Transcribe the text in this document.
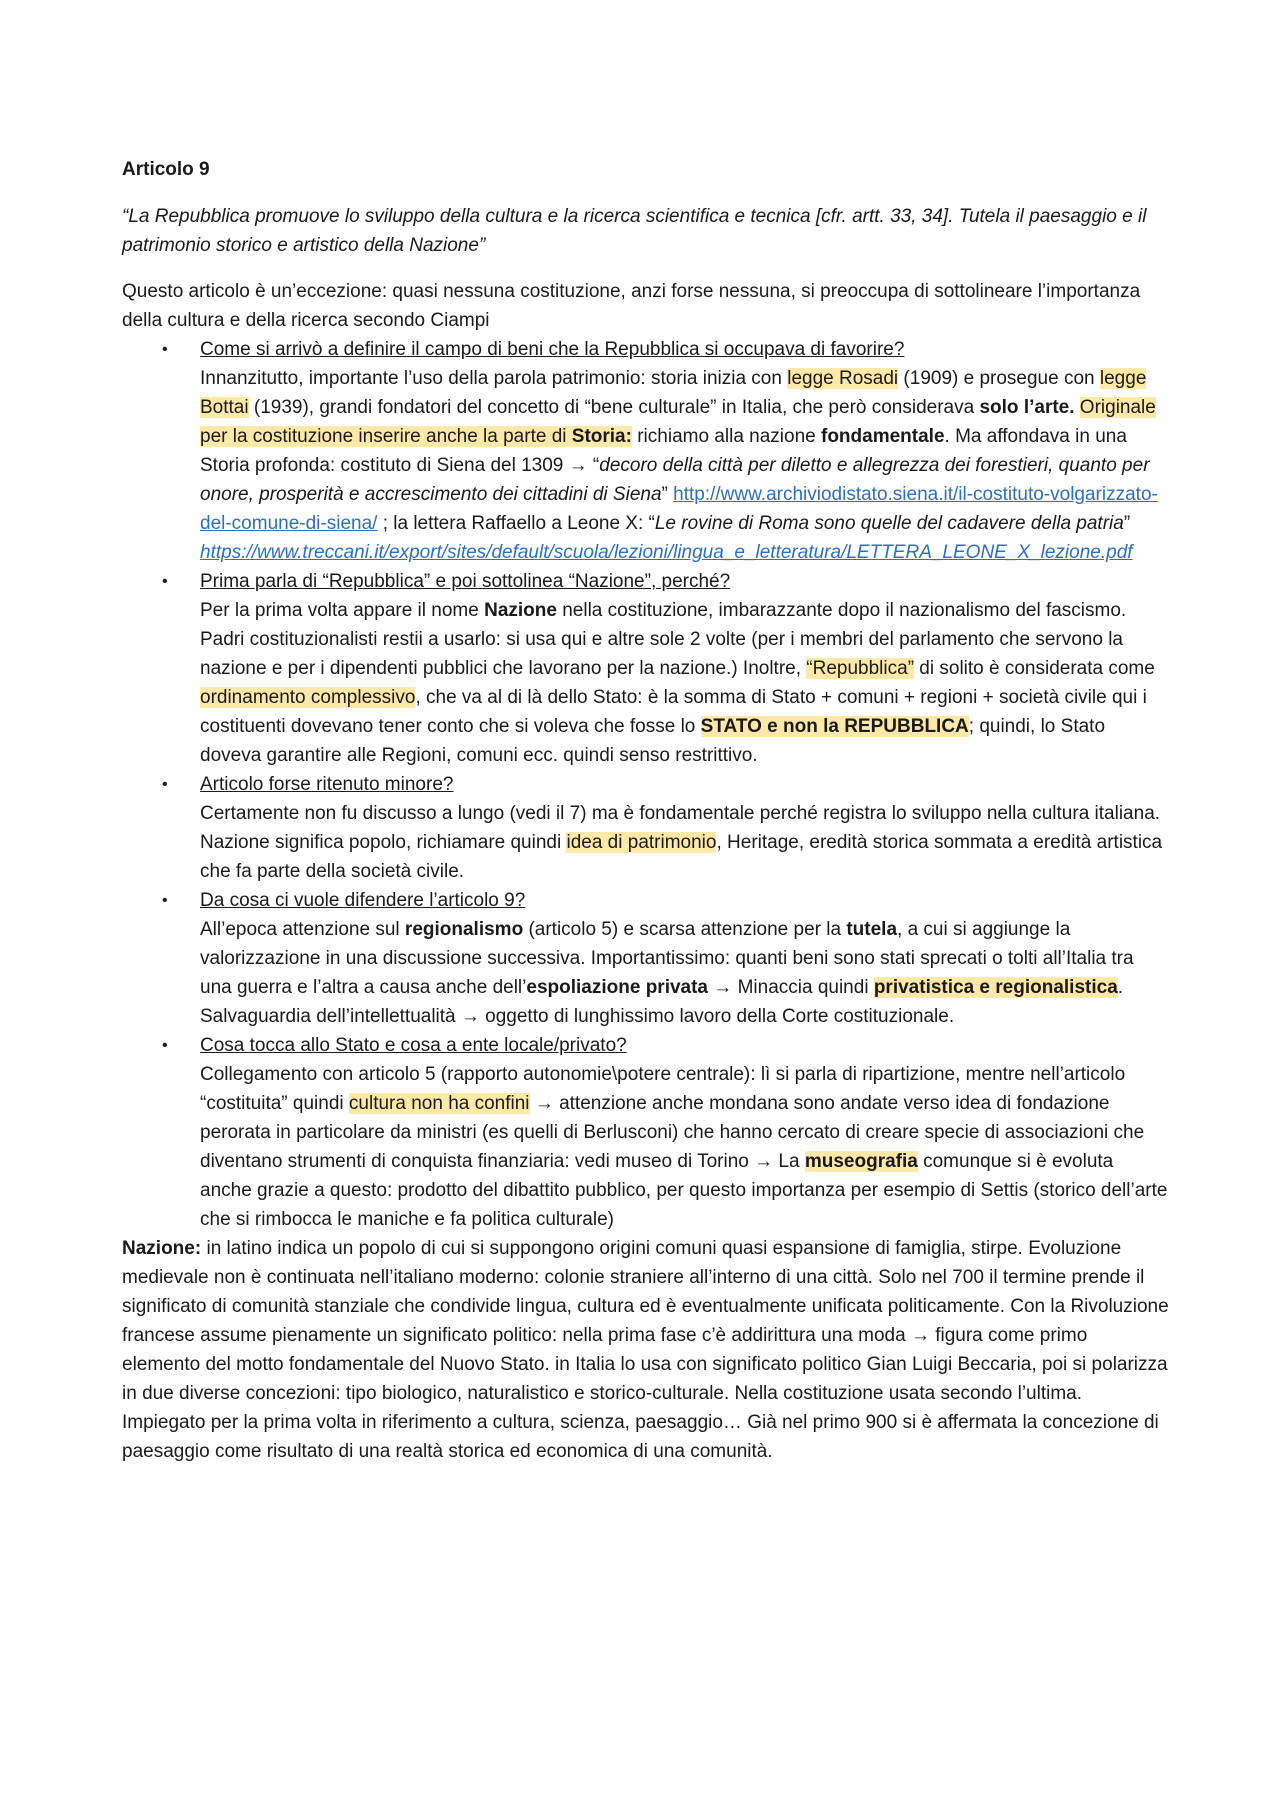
Articolo 9

“La Repubblica promuove lo sviluppo della cultura e la ricerca scientifica e tecnica [cfr. artt. 33, 34]. Tutela il paesaggio e il patrimonio storico e artistico della Nazione”

Questo articolo è un’eccezione: quasi nessuna costituzione, anzi forse nessuna, si preoccupa di sottolineare l’importanza della cultura e della ricerca secondo Ciampi

• Come si arrivò a definire il campo di beni che la Repubblica si occupava di favorire?
Innanzitutto, importante l’uso della parola patrimonio: storia inizia con legge Rosadi (1909) e prosegue con legge Bottai (1939), grandi fondatori del concetto di “bene culturale” in Italia, che però considerava solo l’arte. Originale per la costituzione inserire anche la parte di Storia: richiamo alla nazione fondamentale. Ma affondava in una Storia profonda: costituto di Siena del 1309 → “decoro della città per diletto e allegrezza dei forestieri, quanto per onore, prosperità e accrescimento dei cittadini di Siena” http://www.archiviodistato.siena.it/il-costituto-volgarizzato-del-comune-di-siena/ ; la lettera Raffaello a Leone X: “Le rovine di Roma sono quelle del cadavere della patria” https://www.treccani.it/export/sites/default/scuola/lezioni/lingua_e_letteratura/LETTERA_LEONE_X_lezione.pdf
• Prima parla di “Repubblica” e poi sottolinea “Nazione”, perché?
Per la prima volta appare il nome Nazione nella costituzione, imbarazzante dopo il nazionalismo del fascismo. Padri costituzionalisti restii a usarlo: si usa qui e altre sole 2 volte (per i membri del parlamento che servono la nazione e per i dipendenti pubblici che lavorano per la nazione.) Inoltre, “Repubblica” di solito è considerata come ordinamento complessivo, che va al di là dello Stato: è la somma di Stato + comuni + regioni + società civile qui i costituenti dovevano tener conto che si voleva che fosse lo STATO e non la REPUBBLICA; quindi, lo Stato doveva garantire alle Regioni, comuni ecc. quindi senso restrittivo.
• Articolo forse ritenuto minore?
Certamente non fu discusso a lungo (vedi il 7) ma è fondamentale perché registra lo sviluppo nella cultura italiana. Nazione significa popolo, richiamare quindi idea di patrimonio, Heritage, eredità storica sommata a eredità artistica che fa parte della società civile.
• Da cosa ci vuole difendere l’articolo 9?
All’epoca attenzione sul regionalismo (articolo 5) e scarsa attenzione per la tutela, a cui si aggiunge la valorizzazione in una discussione successiva. Importantissimo: quanti beni sono stati sprecati o tolti all’Italia tra una guerra e l’altra a causa anche dell’espoliazione privata → Minaccia quindi privatistica e regionalistica. Salvaguardia dell’intellettualità → oggetto di lunghissimo lavoro della Corte costituzionale.
• Cosa tocca allo Stato e cosa a ente locale/privato?
Collegamento con articolo 5 (rapporto autonomie\potere centrale): lì si parla di ripartizione, mentre nell’articolo “costituita” quindi cultura non ha confini → attenzione anche mondana sono andate verso idea di fondazione perorata in particolare da ministri (es quelli di Berlusconi) che hanno cercato di creare specie di associazioni che diventano strumenti di conquista finanziaria: vedi museo di Torino → La museografia comunque si è evoluta anche grazie a questo: prodotto del dibattito pubblico, per questo importanza per esempio di Settis (storico dell’arte che si rimbocca le maniche e fa politica culturale)

Nazione: in latino indica un popolo di cui si suppongono origini comuni quasi espansione di famiglia, stirpe. Evoluzione medievale non è continuata nell’italiano moderno: colonie straniere all’interno di una città. Solo nel 700 il termine prende il significato di comunità stanziale che condivide lingua, cultura ed è eventualmente unificata politicamente. Con la Rivoluzione francese assume pienamente un significato politico: nella prima fase c’è addirittura una moda → figura come primo elemento del motto fondamentale del Nuovo Stato. in Italia lo usa con significato politico Gian Luigi Beccaria, poi si polarizza in due diverse concezioni: tipo biologico, naturalistico e storico-culturale. Nella costituzione usata secondo l’ultima. Impiegato per la prima volta in riferimento a cultura, scienza, paesaggio… Già nel primo 900 si è affermata la concezione di paesaggio come risultato di una realtà storica ed economica di una comunità.
